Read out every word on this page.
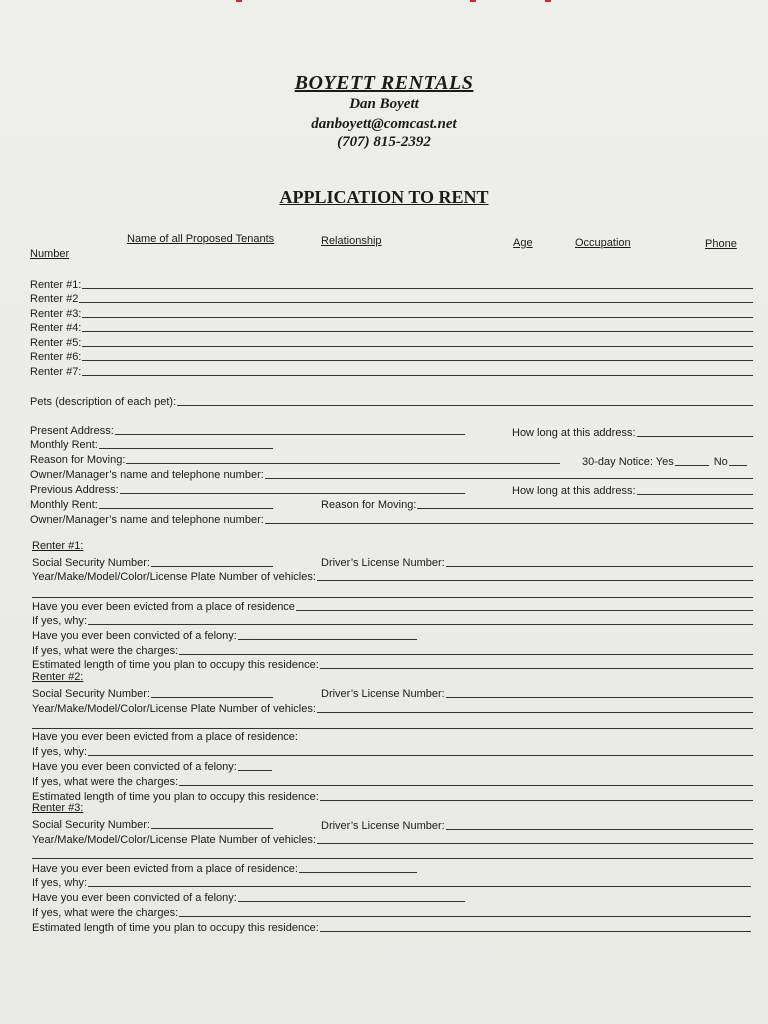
BOYETT RENTALS
Dan Boyett
danboyett@comcast.net
(707) 815-2392
APPLICATION TO RENT
Name of all Proposed Tenants	Relationship	Age	Occupation	Phone
Number
Renter #1:
Renter #2
Renter #3:
Renter #4:
Renter #5:
Renter #6:
Renter #7:
Pets (description of each pet):
Present Address:	How long at this address:
Monthly Rent:
Reason for Moving:	30-day Notice: Yes	No
Owner/Manager’s name and telephone number:
Previous Address:	How long at this address:
Monthly Rent:	Reason for Moving:
Owner/Manager’s name and telephone number:
Renter #1:
Social Security Number:	Driver’s License Number:
Year/Make/Model/Color/License Plate Number of vehicles:
Have you ever been evicted from a place of residence
If yes, why:
Have you ever been convicted of a felony:
If yes, what were the charges:
Estimated length of time you plan to occupy this residence:
Renter #2:
Social Security Number:	Driver’s License Number:
Year/Make/Model/Color/License Plate Number of vehicles:
Have you ever been evicted from a place of residence:
If yes, why:
Have you ever been convicted of a felony:
If yes, what were the charges:
Estimated length of time you plan to occupy this residence:
Renter #3:
Social Security Number:	Driver’s License Number:
Year/Make/Model/Color/License Plate Number of vehicles:
Have you ever been evicted from a place of residence:
If yes, why:
Have you ever been convicted of a felony:
If yes, what were the charges:
Estimated length of time you plan to occupy this residence:
